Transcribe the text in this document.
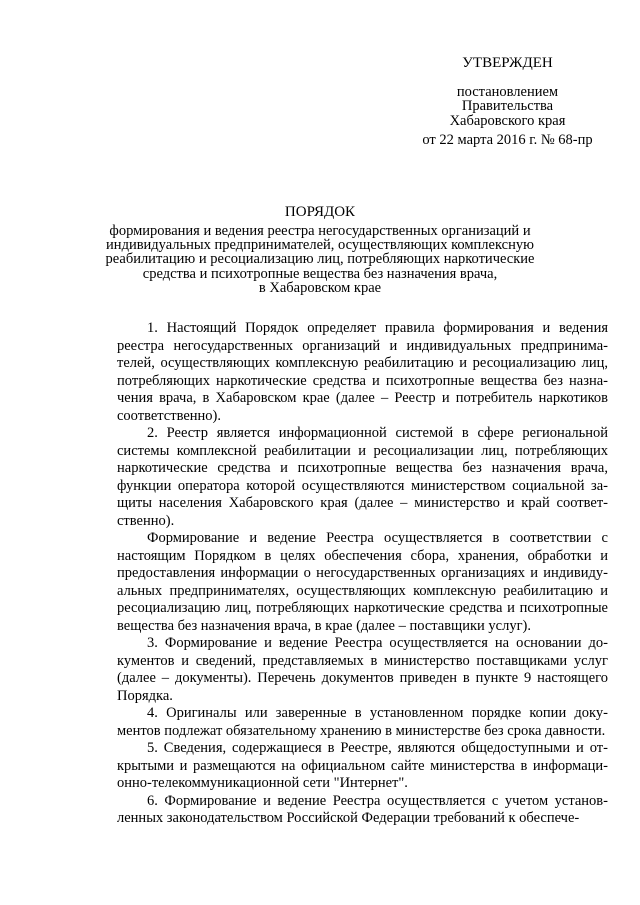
УТВЕРЖДЕН
постановлением
Правительства
Хабаровского края
от 22 марта 2016 г. № 68-пр
ПОРЯДОК
формирования и ведения реестра негосударственных организаций и
индивидуальных предпринимателей, осуществляющих комплексную
реабилитацию и ресоциализацию лиц, потребляющих наркотические
средства и психотропные вещества без назначения врача,
в Хабаровском крае

1. Настоящий Порядок определяет правила формирования и ведения реестра негосударственных организаций и индивидуальных предпринимателей, осуществляющих комплексную реабилитацию и ресоциализацию лиц, потребляющих наркотические средства и психотропные вещества без назначения врача, в Хабаровском крае (далее – Реестр и потребитель наркотиков соответственно).

2. Реестр является информационной системой в сфере региональной системы комплексной реабилитации и ресоциализации лиц, потребляющих наркотические средства и психотропные вещества без назначения врача, функции оператора которой осуществляются министерством социальной защиты населения Хабаровского края (далее – министерство и край соответственно).

Формирование и ведение Реестра осуществляется в соответствии с настоящим Порядком в целях обеспечения сбора, хранения, обработки и предоставления информации о негосударственных организациях и индивидуальных предпринимателях, осуществляющих комплексную реабилитацию и ресоциализацию лиц, потребляющих наркотические средства и психотропные вещества без назначения врача, в крае (далее – поставщики услуг).

3. Формирование и ведение Реестра осуществляется на основании документов и сведений, представляемых в министерство поставщиками услуг (далее – документы). Перечень документов приведен в пункте 9 настоящего Порядка.

4. Оригиналы или заверенные в установленном порядке копии документов подлежат обязательному хранению в министерстве без срока давности.

5. Сведения, содержащиеся в Реестре, являются общедоступными и открытыми и размещаются на официальном сайте министерства в информационно-телекоммуникационной сети "Интернет".

6. Формирование и ведение Реестра осуществляется с учетом установленных законодательством Российской Федерации требований к обеспече-
